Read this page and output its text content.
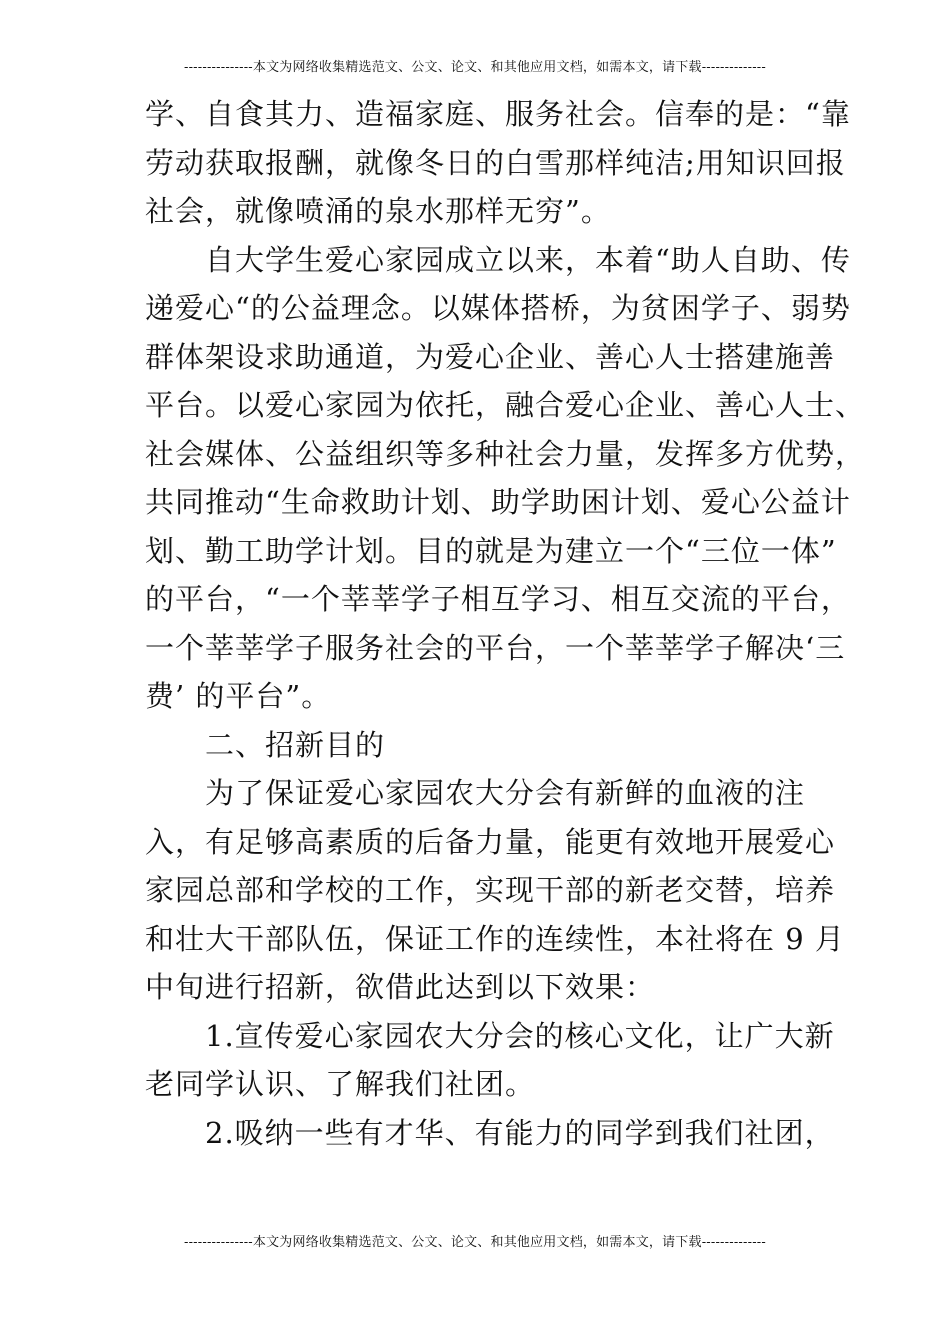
---------------本文为网络收集精选范文、公文、论文、和其他应用文档，如需本文，请下载--------------

学、自食其力、造福家庭、服务社会。信奉的是：“靠
劳动获取报酬，就像冬日的白雪那样纯洁;用知识回报
社会，就像喷涌的泉水那样无穷”。

自大学生爱心家园成立以来，本着“助人自助、传
递爱心“的公益理念。以媒体搭桥，为贫困学子、弱势
群体架设求助通道，为爱心企业、善心人士搭建施善
平台。以爱心家园为依托，融合爱心企业、善心人士、
社会媒体、公益组织等多种社会力量，发挥多方优势，
共同推动“生命救助计划、助学助困计划、爱心公益计
划、勤工助学计划。目的就是为建立一个“三位一体”
的平台，“一个莘莘学子相互学习、相互交流的平台，
一个莘莘学子服务社会的平台，一个莘莘学子解决‘三
费’ 的平台”。

二、招新目的

为了保证爱心家园农大分会有新鲜的血液的注
入，有足够高素质的后备力量，能更有效地开展爱心
家园总部和学校的工作，实现干部的新老交替，培养
和壮大干部队伍，保证工作的连续性，本社将在 9 月
中旬进行招新，欲借此达到以下效果：

1.宣传爱心家园农大分会的核心文化，让广大新
老同学认识、了解我们社团。

2.吸纳一些有才华、有能力的同学到我们社团，

---------------本文为网络收集精选范文、公文、论文、和其他应用文档，如需本文，请下载--------------
